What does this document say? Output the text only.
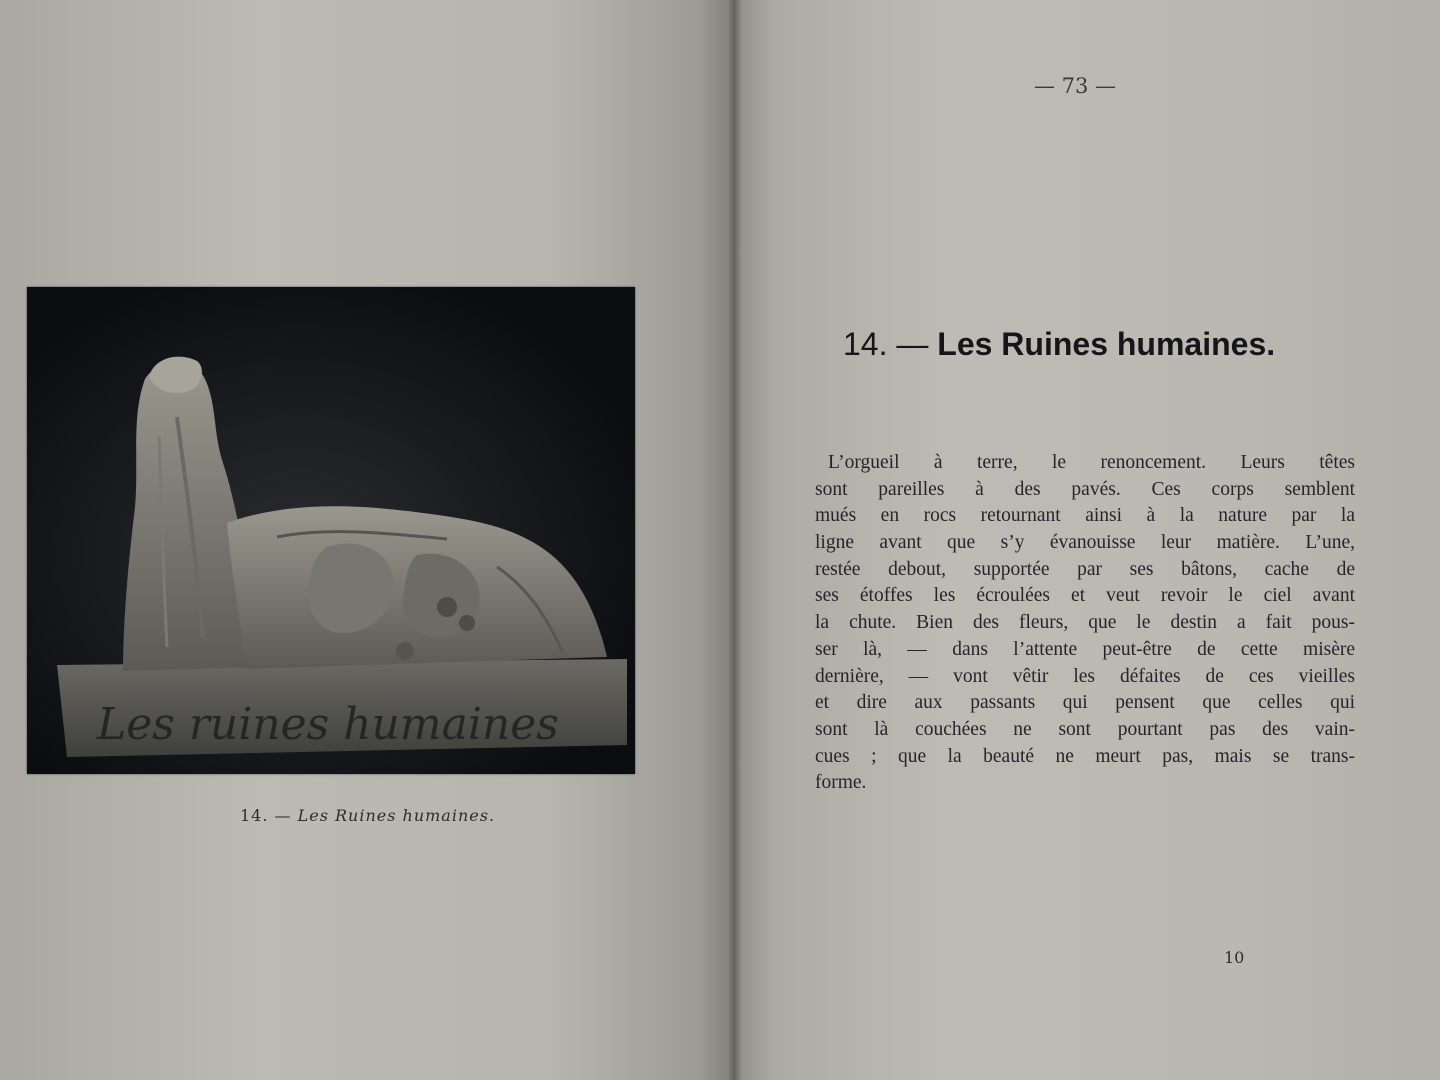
Les ruines humaines
14. — Les Ruines humaines.
— 73 —
14. — Les Ruines humaines.
L’orgueil à terre, le renoncement. Leurs têtes
sont pareilles à des pavés. Ces corps semblent
mués en rocs retournant ainsi à la nature par la
ligne avant que s’y évanouisse leur matière. L’une,
restée debout, supportée par ses bâtons, cache de
ses étoffes les écroulées et veut revoir le ciel avant
la chute. Bien des fleurs, que le destin a fait pous-
ser là, — dans l’attente peut-être de cette misère
dernière, — vont vêtir les défaites de ces vieilles
et dire aux passants qui pensent que celles qui
sont là couchées ne sont pourtant pas des vain-
cues ; que la beauté ne meurt pas, mais se trans-
forme.
10
